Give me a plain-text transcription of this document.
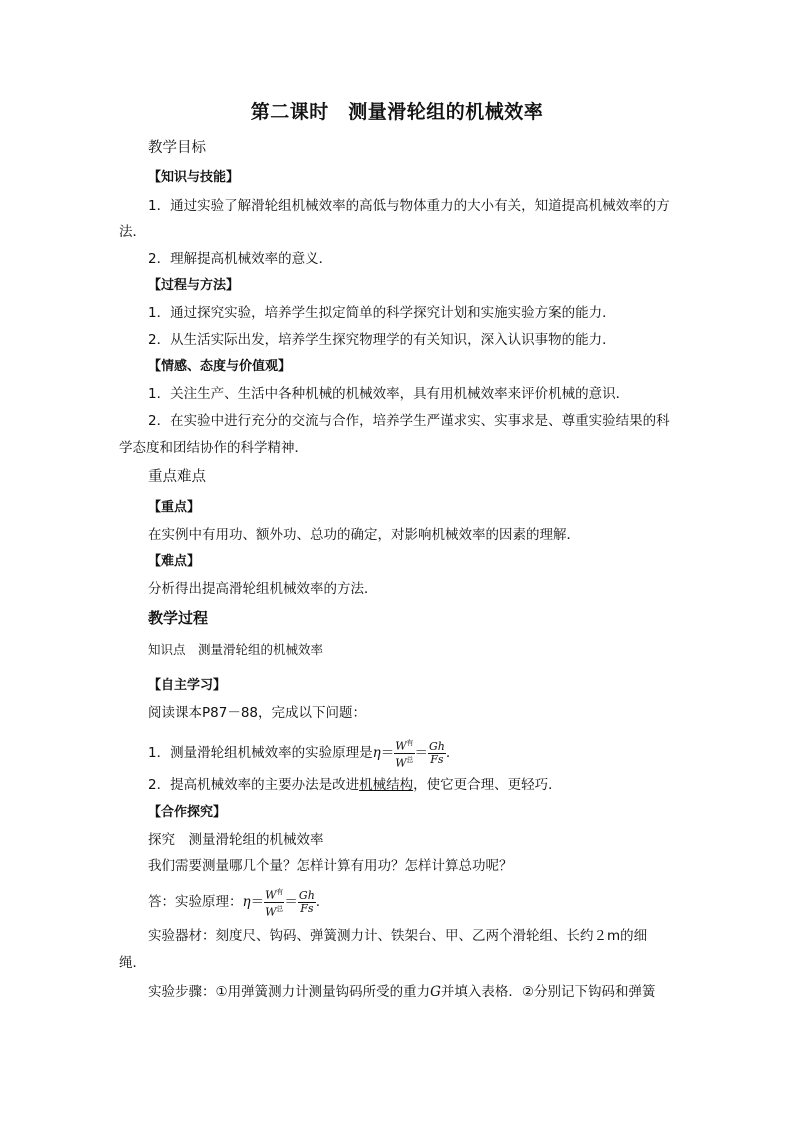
第二课时　测量滑轮组的机械效率
教学目标
【知识与技能】
1．通过实验了解滑轮组机械效率的高低与物体重力的大小有关，知道提高机械效率的方
法．
2．理解提高机械效率的意义．
【过程与方法】
1．通过探究实验，培养学生拟定简单的科学探究计划和实施实验方案的能力．
2．从生活实际出发，培养学生探究物理学的有关知识，深入认识事物的能力．
【情感、态度与价值观】
1．关注生产、生活中各种机械的机械效率，具有用机械效率来评价机械的意识．
2．在实验中进行充分的交流与合作，培养学生严谨求实、实事求是、尊重实验结果的科
学态度和团结协作的科学精神．
重点难点
【重点】
在实例中有用功、额外功、总功的确定，对影响机械效率的因素的理解．
【难点】
分析得出提高滑轮组机械效率的方法．
教学过程
知识点　测量滑轮组的机械效率
【自主学习】
阅读课本P87－88，完成以下问题：
1．测量滑轮组机械效率的实验原理是$\eta= \frac{W^有}{W^总} = \frac{Gh}{Fs}$ .
2．提高机械效率的主要办法是改进机械结构，使它更合理、更轻巧．
【合作探究】
探究　测量滑轮组的机械效率
我们需要测量哪几个量？怎样计算有用功？怎样计算总功呢？
答：实验原理：$\eta= \frac{W^有}{W^总} = \frac{Gh}{Fs}$ .
实验器材：刻度尺、钩码、弹簧测力计、铁架台、甲、乙两个滑轮组、长约２m的细
绳．
实验步骤：①用弹簧测力计测量钩码所受的重力G并填入表格．②分别记下钩码和弹簧
